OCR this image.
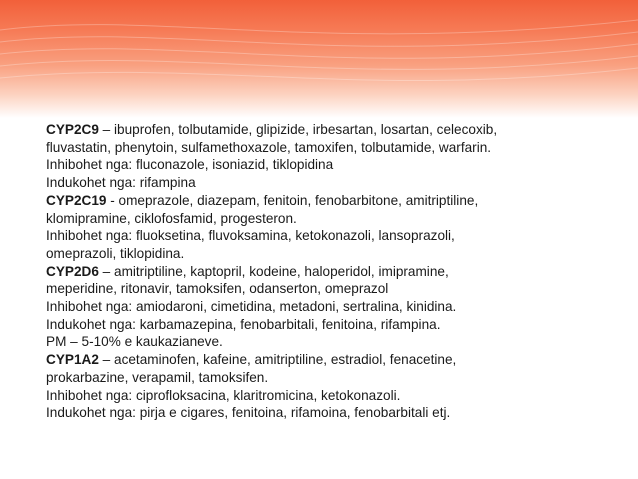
CYP2C9 – ibuprofen, tolbutamide, glipizide, irbesartan, losartan, celecoxib,
fluvastatin, phenytoin, sulfamethoxazole, tamoxifen, tolbutamide, warfarin.
Inhibohet nga: fluconazole, isoniazid, tiklopidina
Indukohet nga: rifampina
CYP2C19 - omeprazole, diazepam, fenitoin, fenobarbitone, amitriptiline,
klomipramine, ciklofosfamid, progesteron.
Inhibohet nga: fluoksetina, fluvoksamina, ketokonazoli, lansoprazoli,
omeprazoli, tiklopidina.
CYP2D6 – amitriptiline, kaptopril, kodeine, haloperidol, imipramine,
meperidine, ritonavir, tamoksifen, odanserton, omeprazol
Inhibohet nga: amiodaroni, cimetidina, metadoni, sertralina, kinidina.
Indukohet nga: karbamazepina, fenobarbitali, fenitoina, rifampina.
PM – 5-10% e kaukazianeve.
CYP1A2 – acetaminofen, kafeine, amitriptiline, estradiol, fenacetine,
prokarbazine, verapamil, tamoksifen.
Inhibohet nga: ciprofloksacina, klaritromicina, ketokonazoli.
Indukohet nga: pirja e cigares, fenitoina, rifamoina, fenobarbitali etj.
